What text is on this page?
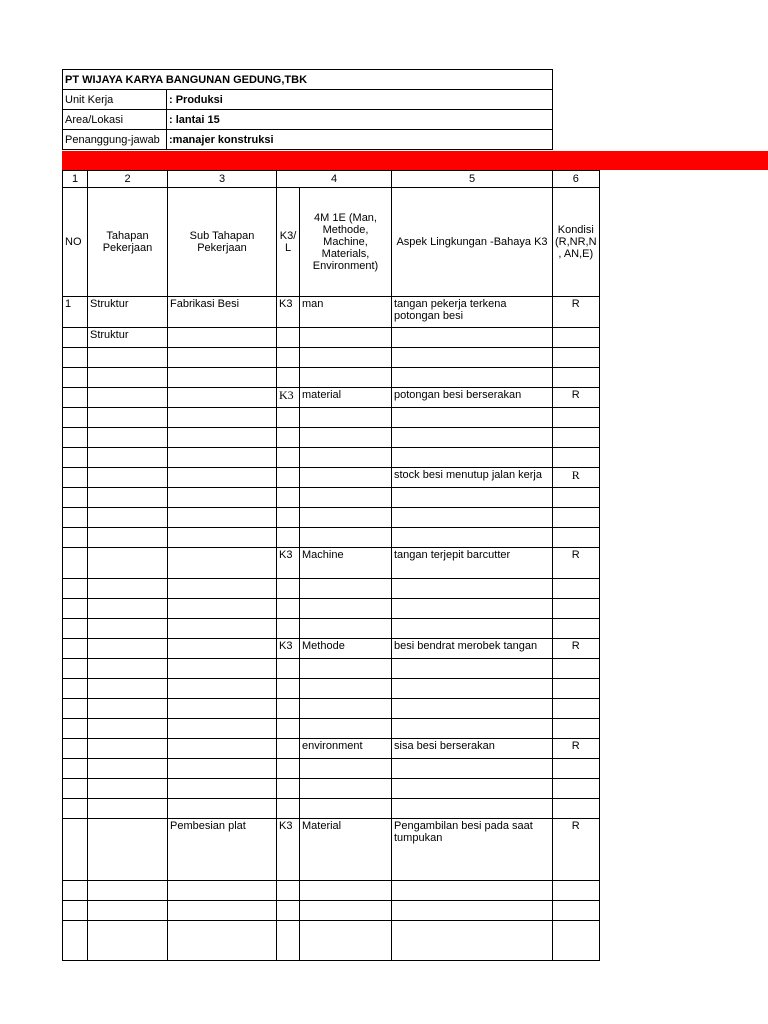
PT WIJAYA KARYA BANGUNAN GEDUNG,TBK	
Unit Kerja	: Produksi
Area/Lokasi	: lantai 15
Penanggung-jawab	:manajer konstruksi
1	2	3	4		5	6
NO	Tahapan Pekerjaan	Sub Tahapan Pekerjaan	K3/ L	4M 1E (Man, Methode, Machine, Materials, Environment)	Aspek Lingkungan -Bahaya K3	Kondisi (R,NR,N , AN,E)
1	Struktur	Fabrikasi Besi	K3	man	tangan pekerja terkena potongan besi	R
	Struktur					

			K3	material	potongan besi berserakan	R

					stock besi menutup jalan kerja	R

			K3	Machine	tangan terjepit barcutter	R

			K3	Methode	besi bendrat merobek tangan	R

				environment	sisa besi berserakan	R

		Pembesian plat	K3	Material	Pengambilan besi pada saat tumpukan	R
